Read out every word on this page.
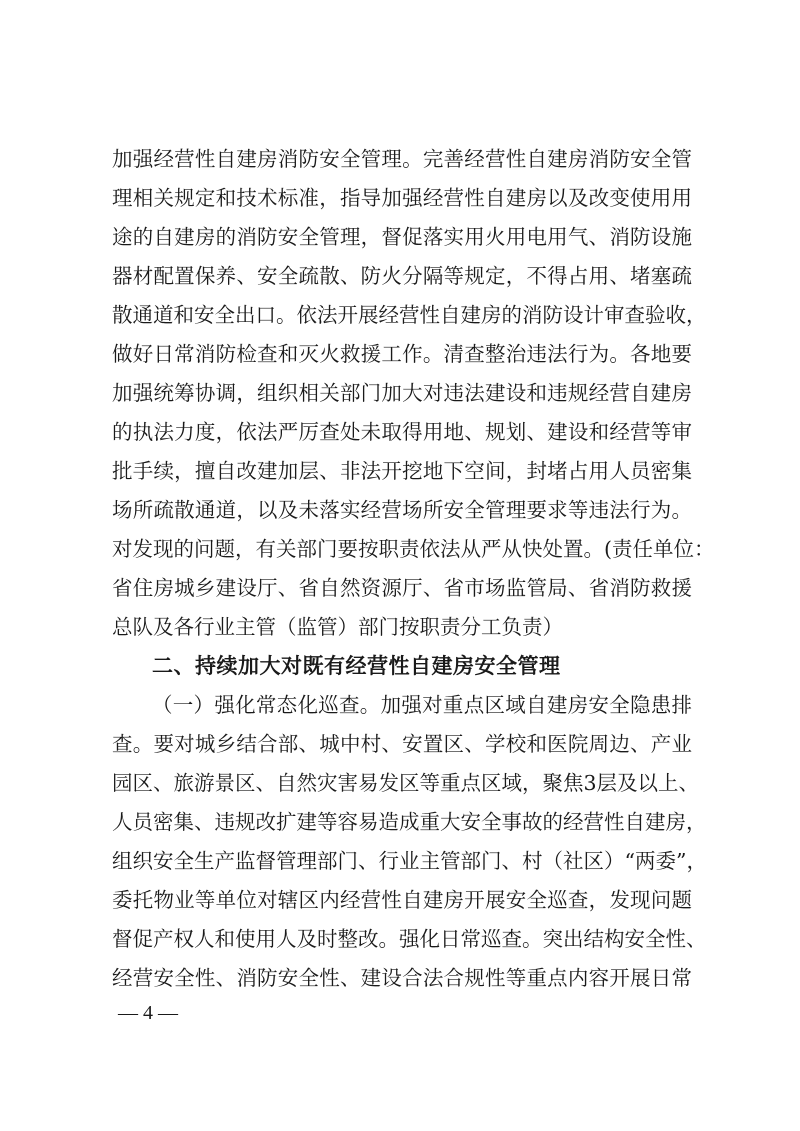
加强经营性自建房消防安全管理。完善经营性自建房消防安全管
理相关规定和技术标准，指导加强经营性自建房以及改变使用用
途的自建房的消防安全管理，督促落实用火用电用气、消防设施
器材配置保养、安全疏散、防火分隔等规定，不得占用、堵塞疏
散通道和安全出口。依法开展经营性自建房的消防设计审查验收，
做好日常消防检查和灭火救援工作。清查整治违法行为。各地要
加强统筹协调，组织相关部门加大对违法建设和违规经营自建房
的执法力度，依法严厉查处未取得用地、规划、建设和经营等审
批手续，擅自改建加层、非法开挖地下空间，封堵占用人员密集
场所疏散通道，以及未落实经营场所安全管理要求等违法行为。
对发现的问题，有关部门要按职责依法从严从快处置。(责任单位：
省住房城乡建设厅、省自然资源厅、省市场监管局、省消防救援
总队及各行业主管（监管）部门按职责分工负责）
二、持续加大对既有经营性自建房安全管理
（一）强化常态化巡查。加强对重点区域自建房安全隐患排
查。要对城乡结合部、城中村、安置区、学校和医院周边、产业
园区、旅游景区、自然灾害易发区等重点区域，聚焦3层及以上、
人员密集、违规改扩建等容易造成重大安全事故的经营性自建房，
组织安全生产监督管理部门、行业主管部门、村（社区）“两委”，
委托物业等单位对辖区内经营性自建房开展安全巡查，发现问题
督促产权人和使用人及时整改。强化日常巡查。突出结构安全性、
经营安全性、消防安全性、建设合法合规性等重点内容开展日常
— 4 —
